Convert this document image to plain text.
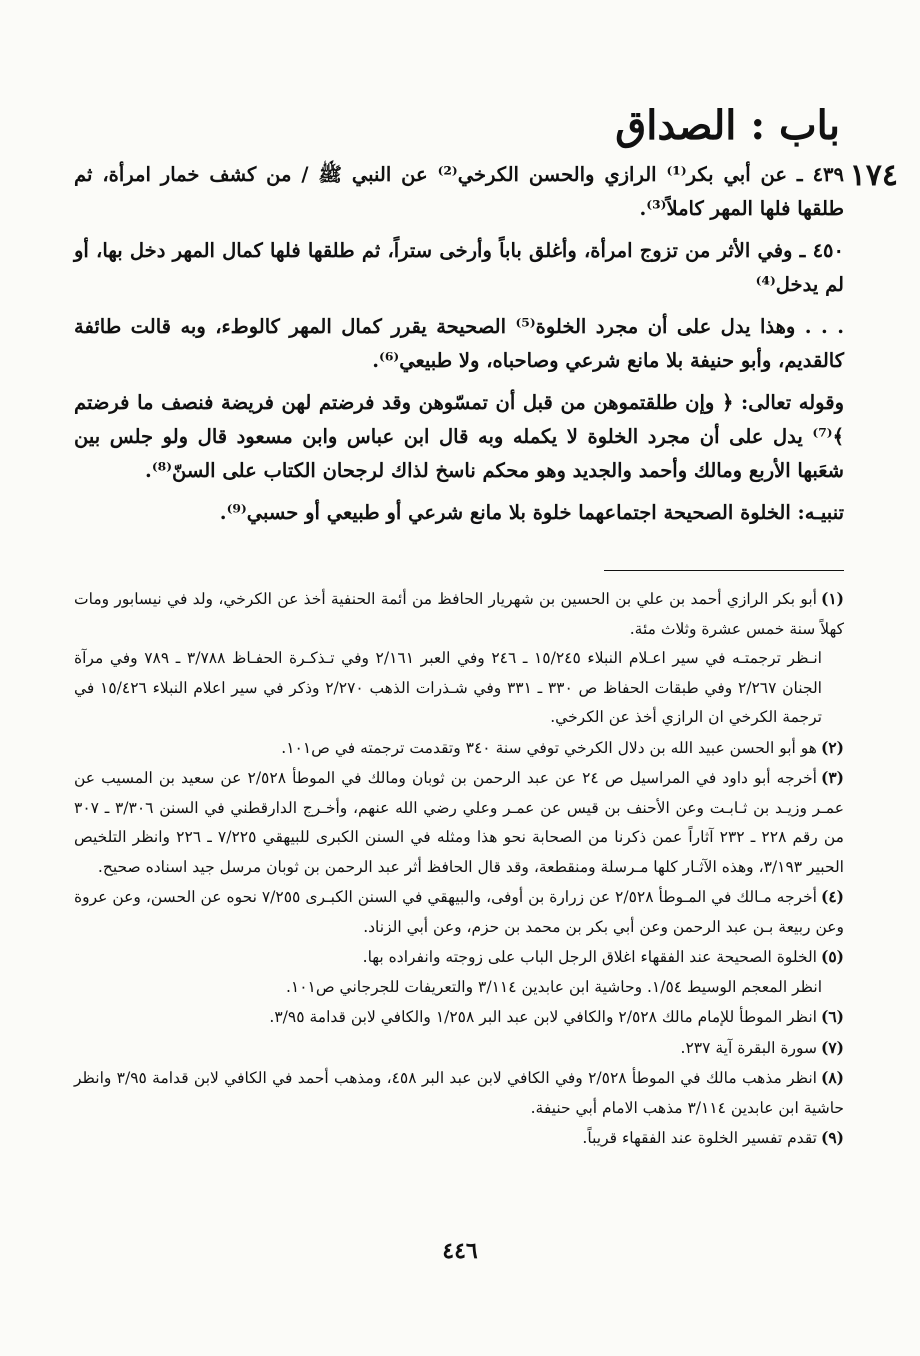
١٧٤
باب : الصداق

٤٣٩ ـ عن أبي بكر⁽¹⁾ الرازي والحسن الكرخي⁽²⁾ عن النبي ﷺ / من كشف خمار امرأة، ثم طلقها فلها المهر كاملاً⁽³⁾.

٤٥٠ ـ وفي الأثر من تزوج امرأة، وأغلق باباً وأرخى ستراً، ثم طلقها فلها كمال المهر دخل بها، أو لم يدخل⁽⁴⁾

. . . وهذا يدل على أن مجرد الخلوة⁽⁵⁾ الصحيحة يقرر كمال المهر كالوطء، وبه قالت طائفة كالقديم، وأبو حنيفة بلا مانع شرعي وصاحباه، ولا طبيعي⁽⁶⁾.

وقوله تعالى: ﴿ وإن طلقتموهن من قبل أن تمسّوهن وقد فرضتم لهن فريضة فنصف ما فرضتم ﴾⁽⁷⁾ يدل على أن مجرد الخلوة لا يكمله وبه قال ابن عباس وابن مسعود قال ولو جلس بين شعَبها الأربع ومالك وأحمد والجديد وهو محكم ناسخ لذاك لرجحان الكتاب على السنّ⁽⁸⁾.

تنبيـه: الخلوة الصحيحة اجتماعهما خلوة بلا مانع شرعي أو طبيعي أو حسبي⁽⁹⁾.

(١)أبو بكر الرازي أحمد بن علي بن الحسين بن شهريار الحافظ من أئمة الحنفية أخذ عن الكرخي، ولد في نيسابور ومات كهلاً سنة خمس عشرة وثلاث مئة.

انـظر ترجمتـه في سير اعـلام النبلاء ١٥/٢٤٥ ـ ٢٤٦ وفي العبر ٢/١٦١ وفي تـذكـرة الحفـاظ ٣/٧٨٨ ـ ٧٨٩ وفي مرآة الجنان ٢/٢٦٧ وفي طبقات الحفاظ ص ٣٣٠ ـ ٣٣١ وفي شـذرات الذهب ٢/٢٧٠ وذكر في سير اعلام النبلاء ١٥/٤٢٦ في ترجمة الكرخي ان الرازي أخذ عن الكرخي.

(٢)هو أبو الحسن عبيد الله بن دلال الكرخي توفي سنة ٣٤٠ وتقدمت ترجمته في ص١٠١.

(٣)أخرجه أبو داود في المراسيل ص ٢٤ عن عبد الرحمن بن ثوبان ومالك في الموطأ ٢/٥٢٨ عن سعيد بن المسيب عن عمـر وزيـد بن ثـابـت وعن الأحنف بن قيس عن عمـر وعلي رضي الله عنهم، وأخـرج الدارقطني في السنن ٣/٣٠٦ ـ ٣٠٧ من رقم ٢٢٨ ـ ٢٣٢ آثاراً عمن ذكرنا من الصحابة نحو هذا ومثله في السنن الكبرى للبيهقي ٧/٢٢٥ ـ ٢٢٦ وانظر التلخيص الحبير ٣/١٩٣، وهذه الآثـار كلها مـرسلة ومنقطعة، وقد قال الحافظ أثر عبد الرحمن بن ثوبان مرسل جيد اسناده صحيح.

(٤)أخرجه مـالك في المـوطأ ٢/٥٢٨ عن زرارة بن أوفى، والبيهقي في السنن الكبـرى ٧/٢٥٥ نحوه عن الحسن، وعن عروة وعن ربيعة بـن عبد الرحمن وعن أبي بكر بن محمد بن حزم، وعن أبي الزناد.

(٥)الخلوة الصحيحة عند الفقهاء اغلاق الرجل الباب على زوجته وانفراده بها.

انظر المعجم الوسيط ١/٥٤. وحاشية ابن عابدين ٣/١١٤ والتعريفات للجرجاني ص١٠١.

(٦)انظر الموطأ للإمام مالك ٢/٥٢٨ والكافي لابن عبد البر ١/٢٥٨ والكافي لابن قدامة ٣/٩٥.

(٧)سورة البقرة آية ٢٣٧.

(٨)انظر مذهب مالك في الموطأ ٢/٥٢٨ وفي الكافي لابن عبد البر ٤٥٨، ومذهب أحمد في الكافي لابن قدامة ٣/٩٥ وانظر حاشية ابن عابدين ٣/١١٤ مذهب الامام أبي حنيفة.

(٩)تقدم تفسير الخلوة عند الفقهاء قريباً.

٤٤٦
